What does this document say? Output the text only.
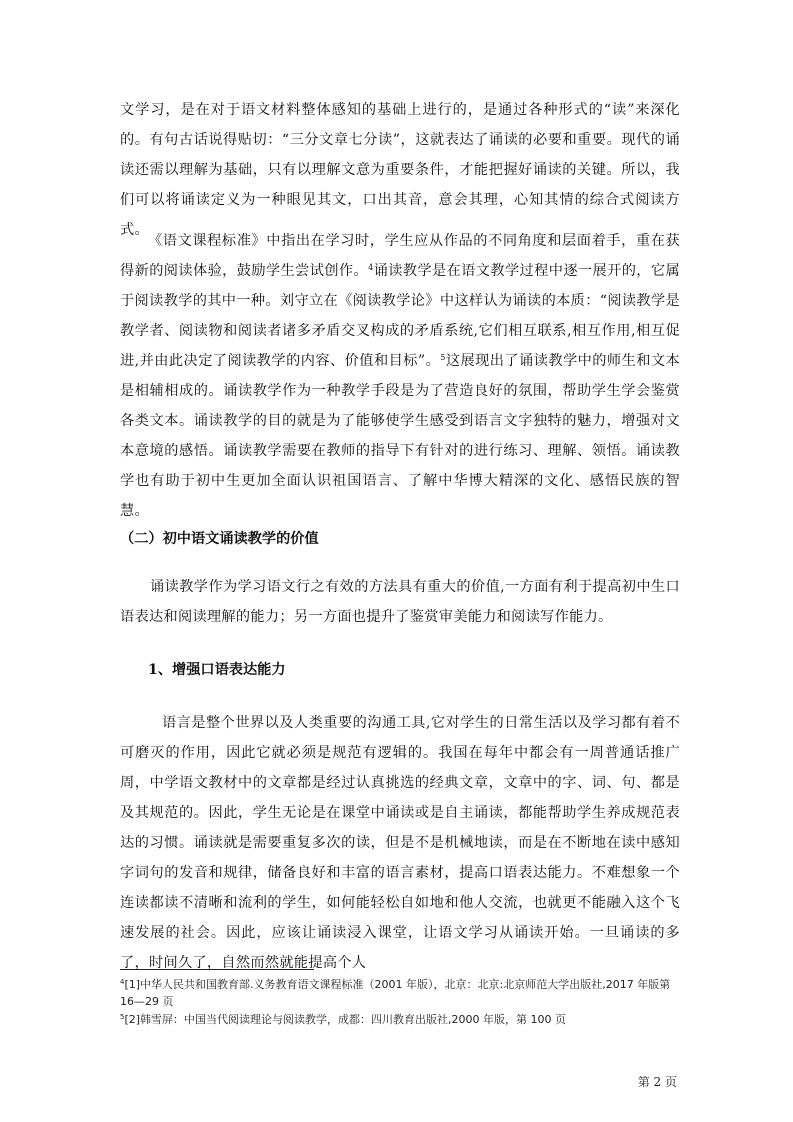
文学习，是在对于语文材料整体感知的基础上进行的，是通过各种形式的“读”来深化的。有句古话说得贴切：“三分文章七分读”，这就表达了诵读的必要和重要。现代的诵读还需以理解为基础，只有以理解文意为重要条件，才能把握好诵读的关键。所以，我们可以将诵读定义为一种眼见其文，口出其音，意会其理，心知其情的综合式阅读方式。

《语文课程标准》中指出在学习时，学生应从作品的不同角度和层面着手，重在获得新的阅读体验，鼓励学生尝试创作。$^4$诵读教学是在语文教学过程中逐一展开的，它属于阅读教学的其中一种。刘守立在《阅读教学论》中这样认为诵读的本质：“阅读教学是教学者、阅读物和阅读者诸多矛盾交叉构成的矛盾系统,它们相互联系,相互作用,相互促进,并由此决定了阅读教学的内容、价值和目标”。$^5$这展现出了诵读教学中的师生和文本是相辅相成的。诵读教学作为一种教学手段是为了营造良好的氛围，帮助学生学会鉴赏各类文本。诵读教学的目的就是为了能够使学生感受到语言文字独特的魅力，增强对文本意境的感悟。诵读教学需要在教师的指导下有针对的进行练习、理解、领悟。诵读教学也有助于初中生更加全面认识祖国语言、了解中华博大精深的文化、感悟民族的智慧。

（二）初中语文诵读教学的价值

诵读教学作为学习语文行之有效的方法具有重大的价值,一方面有利于提高初中生口语表达和阅读理解的能力；另一方面也提升了鉴赏审美能力和阅读写作能力。

1、增强口语表达能力

语言是整个世界以及人类重要的沟通工具,它对学生的日常生活以及学习都有着不可磨灭的作用，因此它就必须是规范有逻辑的。我国在每年中都会有一周普通话推广周，中学语文教材中的文章都是经过认真挑选的经典文章，文章中的字、词、句、都是及其规范的。因此，学生无论是在课堂中诵读或是自主诵读，都能帮助学生养成规范表达的习惯。诵读就是需要重复多次的读，但是不是机械地读，而是在不断地在读中感知字词句的发音和规律，储备良好和丰富的语言素材，提高口语表达能力。不难想象一个连读都读不清晰和流利的学生，如何能轻松自如地和他人交流，也就更不能融入这个飞速发展的社会。因此，应该让诵读浸入课堂，让语文学习从诵读开始。一旦诵读的多了，时间久了，自然而然就能提高个人

$^4$[1]中华人民共和国教育部.义务教育语文课程标准（2001 年版），北京：北京:北京师范大学出版社,2017 年版第 16—29 页

$^5$[2]韩雪屏：中国当代阅读理论与阅读教学，成都：四川教育出版社,2000 年版，第 100 页

第 2 页
